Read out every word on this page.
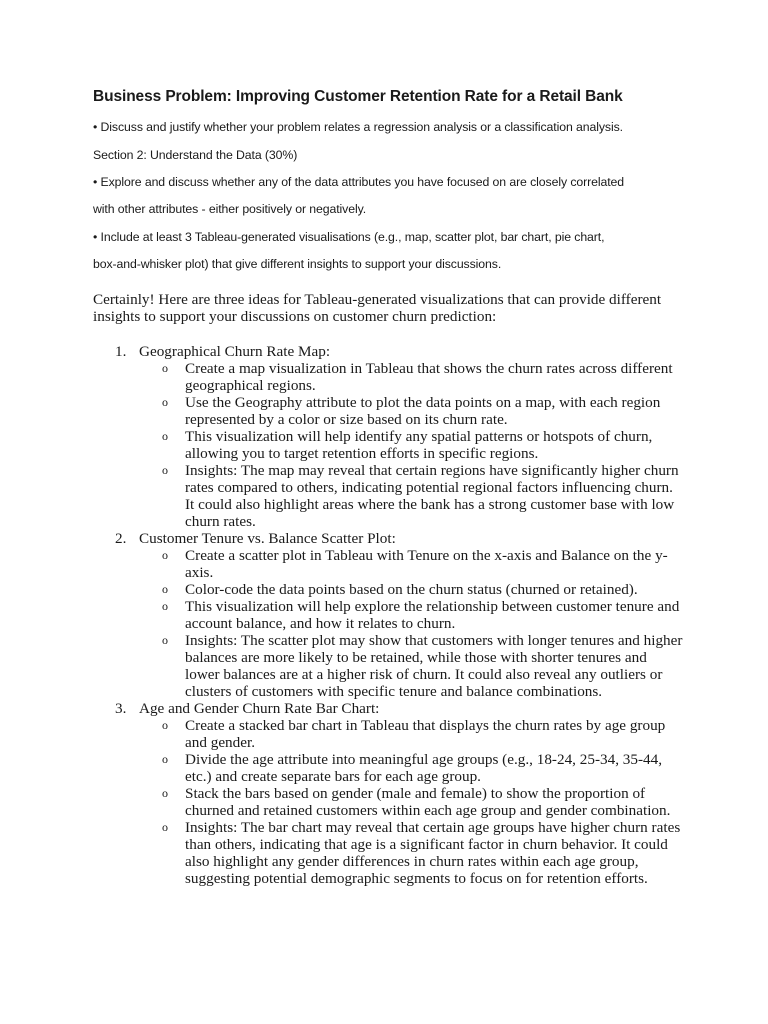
Business Problem: Improving Customer Retention Rate for a Retail Bank
• Discuss and justify whether your problem relates a regression analysis or a classification analysis.
Section 2: Understand the Data (30%)
• Explore and discuss whether any of the data attributes you have focused on are closely correlated
with other attributes - either positively or negatively.
• Include at least 3 Tableau-generated visualisations (e.g., map, scatter plot, bar chart, pie chart,
box-and-whisker plot) that give different insights to support your discussions.

Certainly! Here are three ideas for Tableau-generated visualizations that can provide different insights to support your discussions on customer churn prediction:

1. Geographical Churn Rate Map:
o Create a map visualization in Tableau that shows the churn rates across different geographical regions.
o Use the Geography attribute to plot the data points on a map, with each region represented by a color or size based on its churn rate.
o This visualization will help identify any spatial patterns or hotspots of churn, allowing you to target retention efforts in specific regions.
o Insights: The map may reveal that certain regions have significantly higher churn rates compared to others, indicating potential regional factors influencing churn. It could also highlight areas where the bank has a strong customer base with low churn rates.
2. Customer Tenure vs. Balance Scatter Plot:
o Create a scatter plot in Tableau with Tenure on the x-axis and Balance on the y-axis.
o Color-code the data points based on the churn status (churned or retained).
o This visualization will help explore the relationship between customer tenure and account balance, and how it relates to churn.
o Insights: The scatter plot may show that customers with longer tenures and higher balances are more likely to be retained, while those with shorter tenures and lower balances are at a higher risk of churn. It could also reveal any outliers or clusters of customers with specific tenure and balance combinations.
3. Age and Gender Churn Rate Bar Chart:
o Create a stacked bar chart in Tableau that displays the churn rates by age group and gender.
o Divide the age attribute into meaningful age groups (e.g., 18-24, 25-34, 35-44, etc.) and create separate bars for each age group.
o Stack the bars based on gender (male and female) to show the proportion of churned and retained customers within each age group and gender combination.
o Insights: The bar chart may reveal that certain age groups have higher churn rates than others, indicating that age is a significant factor in churn behavior. It could also highlight any gender differences in churn rates within each age group, suggesting potential demographic segments to focus on for retention efforts.
